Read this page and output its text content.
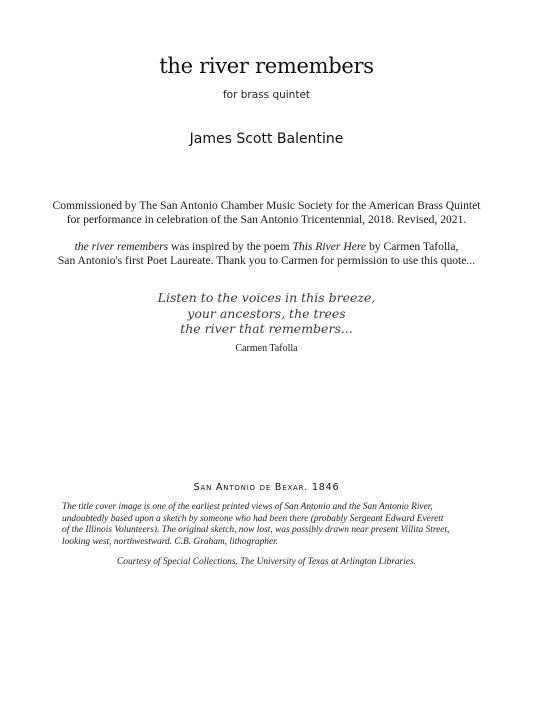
the river remembers
for brass quintet
James Scott Balentine
Commissioned by The San Antonio Chamber Music Society for the American Brass Quintet
for performance in celebration of the San Antonio Tricentennial, 2018. Revised, 2021.
the river remembers was inspired by the poem This River Here by Carmen Tafolla,
San Antonio's first Poet Laureate. Thank you to Carmen for permission to use this quote...
Listen to the voices in this breeze,
your ancestors, the trees
the river that remembers...
Carmen Tafolla
San Antonio de Bexar. 1846
The title cover image is one of the earliest printed views of San Antonio and the San Antonio River,
undoubtedly based upon a sketch by someone who had been there (probably Sergeant Edward Everett
of the Illinois Volunteers). The original sketch, now lost, was possibly drawn near present Villita Street,
looking west, northwestward. C.B. Graham, lithographer.
Courtesy of Special Collections, The University of Texas at Arlington Libraries.
